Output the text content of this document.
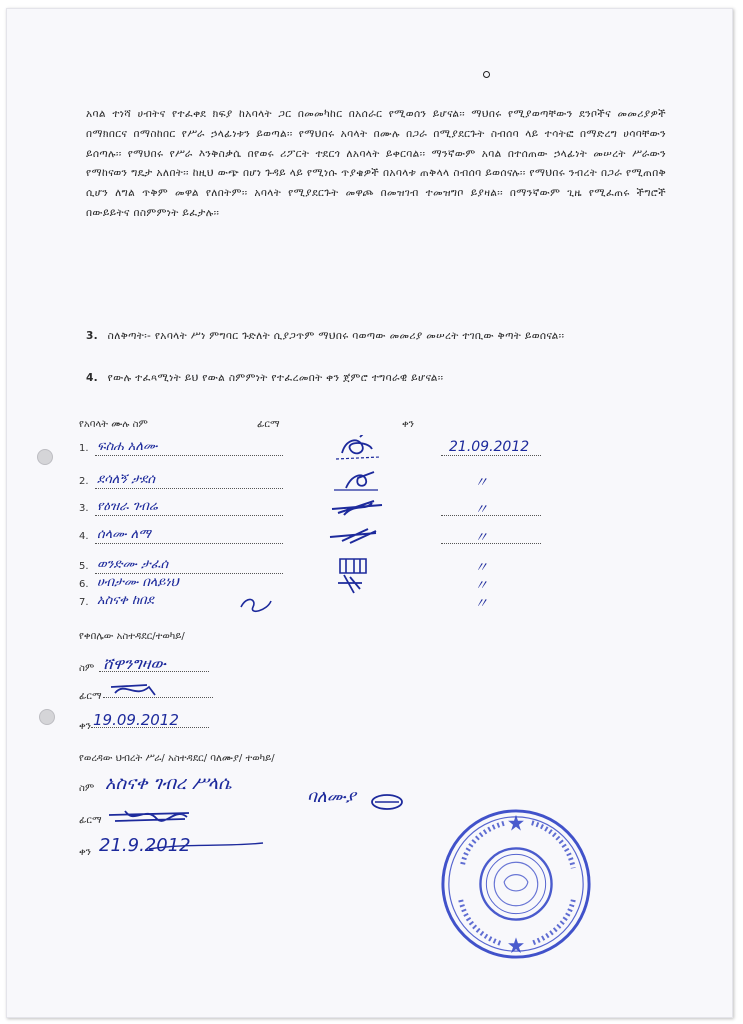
አባል ተነሻ ሀብትና የተፈቀደ ክፍያ ከአባላት ጋር በመመካከር በአሰራር የሚወሰን ይሆናል፡፡ ማህበሩ የሚያወጣቸውን ደንቦችና መመሪያዎች በማክበርና በማስከበር የሥራ ኃላፊነቱን ይወጣል፡፡ የማህበሩ አባላት በሙሉ በጋራ በሚያደርጉት ስብሰባ ላይ ተሳትፎ በማድረግ ሀሳባቸውን ይሰጣሉ፡፡ የማህበሩ የሥራ እንቅስቃሴ በየወሩ ሪፖርት ተደርጎ ለአባላት ይቀርባል፡፡ ማንኛውም አባል በተሰጠው ኃላፊነት መሠረት ሥራውን የማከናወን ግዴታ አለበት፡፡ ከዚህ ውጭ በሆነ ጉዳይ ላይ የሚነሱ ጥያቄዎች በአባላቱ ጠቅላላ ስብሰባ ይወሰናሉ፡፡ የማህበሩ ንብረት በጋራ የሚጠበቅ ሲሆን ለግል ጥቅም መዋል የለበትም፡፡ አባላት የሚያደርጉት መዋጮ በመዝገብ ተመዝግቦ ይያዛል፡፡ በማንኛውም ጊዜ የሚፈጠሩ ችግሮች በውይይትና በስምምነት ይፈታሉ፡፡
3. ስለቅጣት፡- የአባላት ሥነ ምግባር ጉድለት ሲያጋጥም ማህበሩ ባወጣው መመሪያ መሠረት ተገቢው ቅጣት ይወሰናል፡፡
4. የውሉ ተፈጻሚነት ይህ የውል ስምምነት የተፈረመበት ቀን ጀምሮ ተግባራዊ ይሆናል፡፡
የአባላት ሙሉ ስም	ፊርማ	ቀን
1. ፍስሐ አለሙ	21.09.2012
2. ደሳለኝ ታደሰ	〃
3. የዕዝራ ገብሬ	〃
4. ሰላሙ ለማ	〃
5. ወንድሙ ታፈሰ	〃
6. ሀብታሙ በላይነህ	〃
7. አስናቀ ከበደ	〃
የቀበሌው አስተዳደር/ተወካይ/
ስም ሸዋንግዛው
ፊርማ
ቀን 19.09.2012
የወረዳው ህብረት ሥራ/ አስተዳደር/ ባለሙያ/ ተወካይ/
ስም አስናቀ ገብረ ሥላሴ
ባለሙያ
ፊርማ
ቀን 21.9.2012
